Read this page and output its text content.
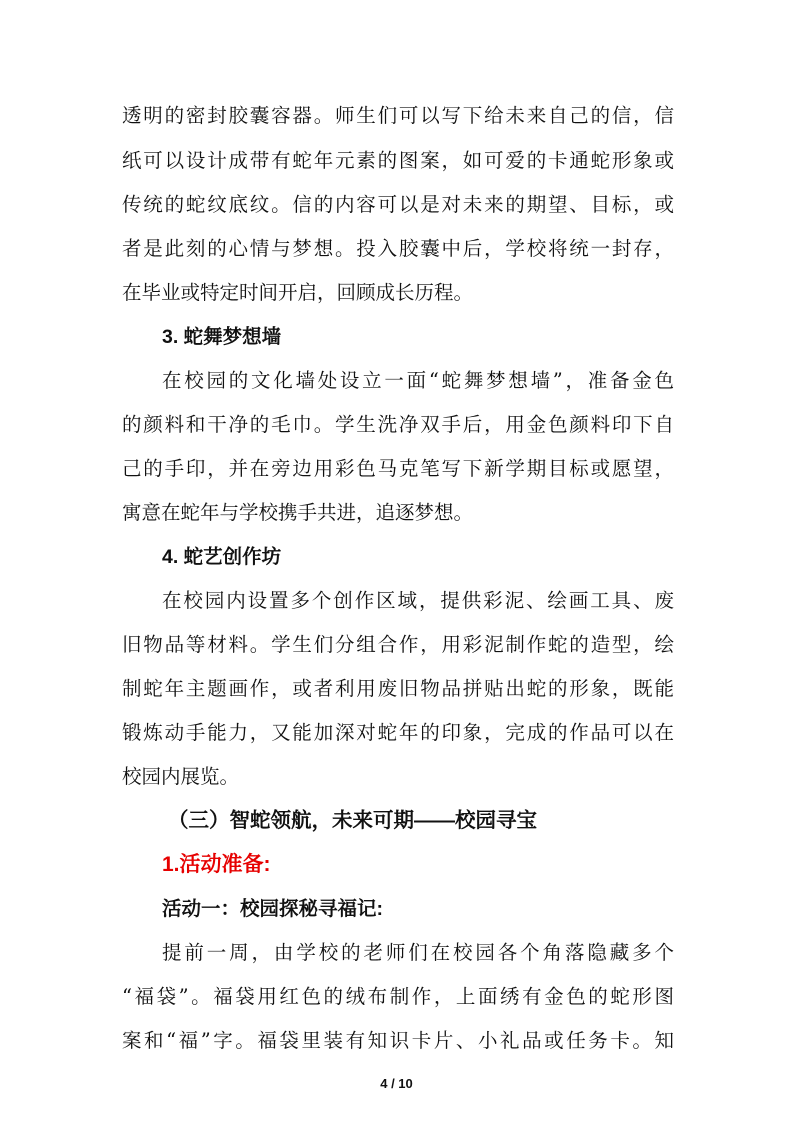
透明的密封胶囊容器。师生们可以写下给未来自己的信，信
纸可以设计成带有蛇年元素的图案，如可爱的卡通蛇形象或
传统的蛇纹底纹。信的内容可以是对未来的期望、目标，或
者是此刻的心情与梦想。投入胶囊中后，学校将统一封存，
在毕业或特定时间开启，回顾成长历程。
3. 蛇舞梦想墙
在校园的文化墙处设立一面“蛇舞梦想墙”，准备金色
的颜料和干净的毛巾。学生洗净双手后，用金色颜料印下自
己的手印，并在旁边用彩色马克笔写下新学期目标或愿望，
寓意在蛇年与学校携手共进，追逐梦想。
4. 蛇艺创作坊
在校园内设置多个创作区域，提供彩泥、绘画工具、废
旧物品等材料。学生们分组合作，用彩泥制作蛇的造型，绘
制蛇年主题画作，或者利用废旧物品拼贴出蛇的形象，既能
锻炼动手能力，又能加深对蛇年的印象，完成的作品可以在
校园内展览。
（三）智蛇领航，未来可期——校园寻宝
1.活动准备:
活动一：校园探秘寻福记:
提前一周，由学校的老师们在校园各个角落隐藏多个
“福袋”。福袋用红色的绒布制作，上面绣有金色的蛇形图
案和“福”字。福袋里装有知识卡片、小礼品或任务卡。知
4 / 10
